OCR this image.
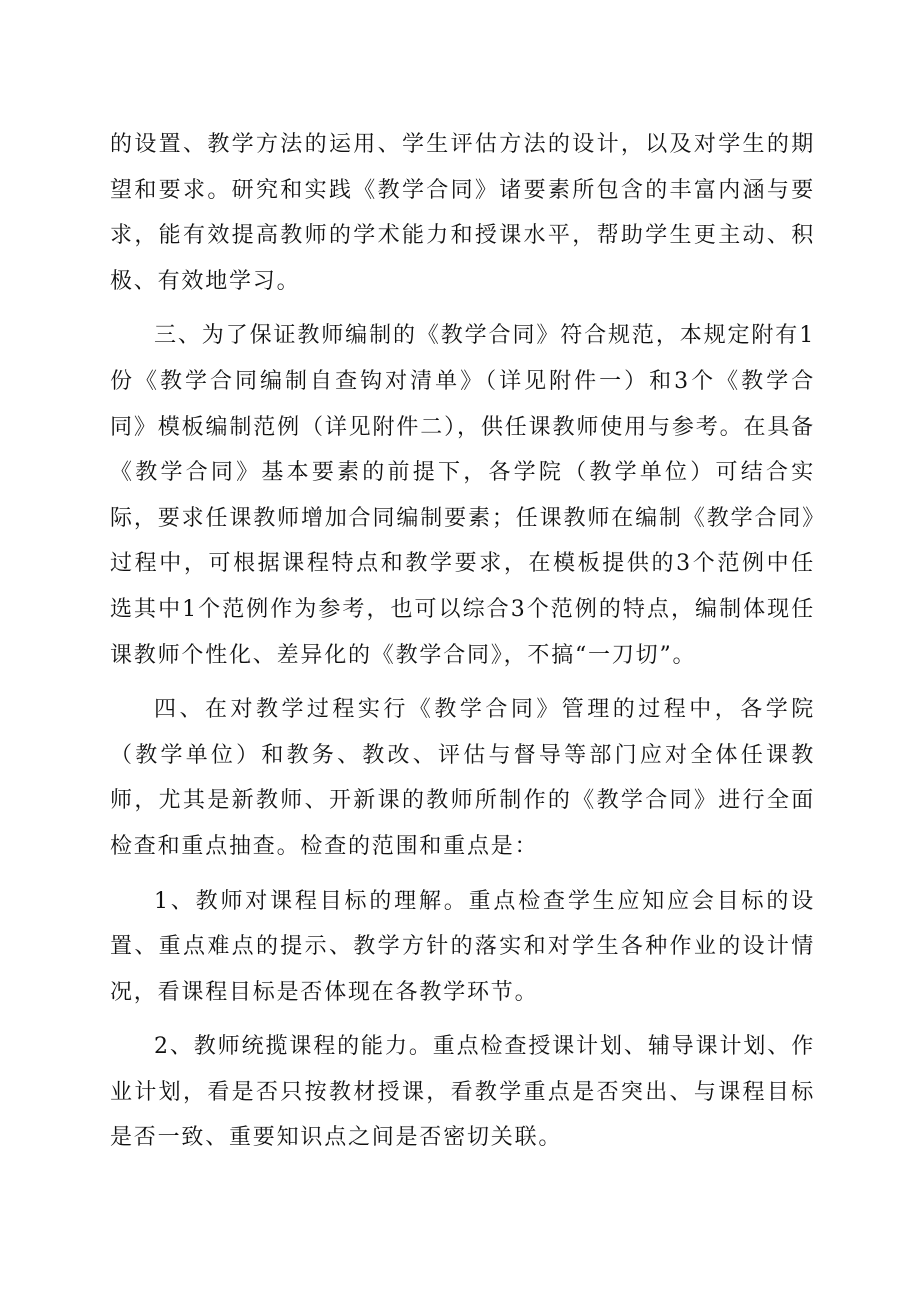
的设置、教学方法的运用、学生评估方法的设计，以及对学生的期望和要求。研究和实践《教学合同》诸要素所包含的丰富内涵与要求，能有效提高教师的学术能力和授课水平，帮助学生更主动、积极、有效地学习。

三、为了保证教师编制的《教学合同》符合规范，本规定附有1份《教学合同编制自查钩对清单》（详见附件一）和3个《教学合同》模板编制范例（详见附件二），供任课教师使用与参考。在具备《教学合同》基本要素的前提下，各学院（教学单位）可结合实际，要求任课教师增加合同编制要素；任课教师在编制《教学合同》过程中，可根据课程特点和教学要求，在模板提供的3个范例中任选其中1个范例作为参考，也可以综合3个范例的特点，编制体现任课教师个性化、差异化的《教学合同》，不搞“一刀切”。

四、在对教学过程实行《教学合同》管理的过程中，各学院（教学单位）和教务、教改、评估与督导等部门应对全体任课教师，尤其是新教师、开新课的教师所制作的《教学合同》进行全面检查和重点抽查。检查的范围和重点是：

1、教师对课程目标的理解。重点检查学生应知应会目标的设置、重点难点的提示、教学方针的落实和对学生各种作业的设计情况，看课程目标是否体现在各教学环节。

2、教师统揽课程的能力。重点检查授课计划、辅导课计划、作业计划，看是否只按教材授课，看教学重点是否突出、与课程目标是否一致、重要知识点之间是否密切关联。
